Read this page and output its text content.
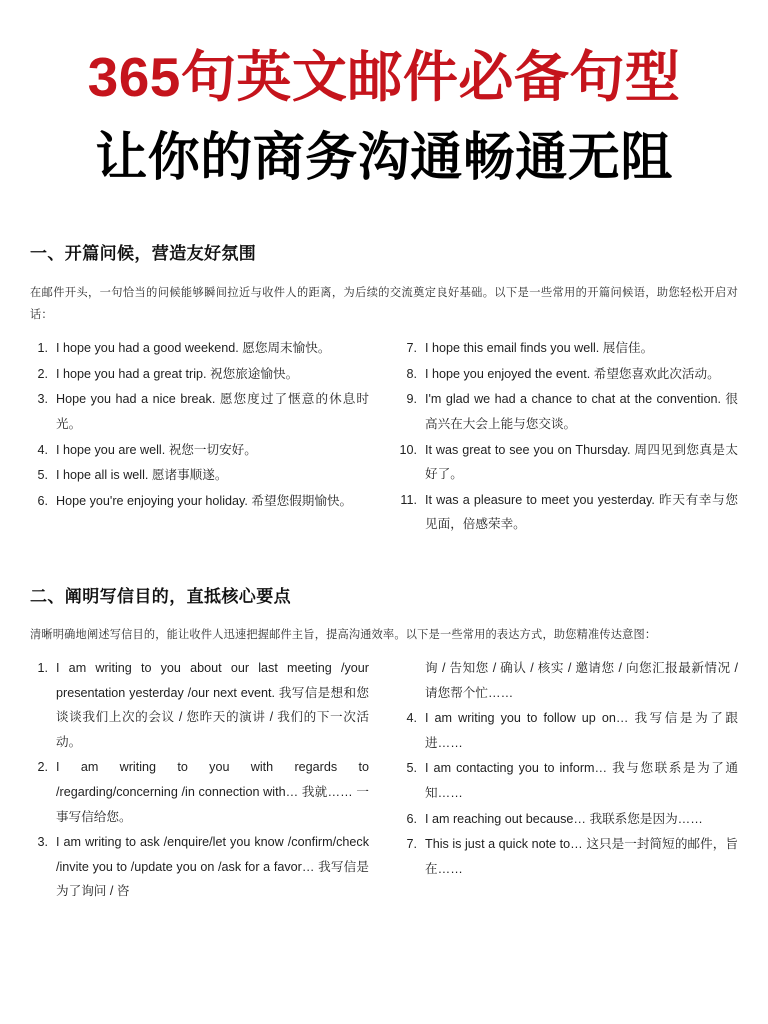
365句英文邮件必备句型
让你的商务沟通畅通无阻
一、开篇问候，营造友好氛围

在邮件开头，一句恰当的问候能够瞬间拉近与收件人的距离，为后续的交流奠定良好基础。以下是一些常用的开篇问候语，助您轻松开启对话：

1. I hope you had a good weekend. 愿您周末愉快。
2. I hope you had a great trip. 祝您旅途愉快。
3. Hope you had a nice break. 愿您度过了惬意的休息时光。
4. I hope you are well. 祝您一切安好。
5. I hope all is well. 愿诸事顺遂。
6. Hope you're enjoying your holiday. 希望您假期愉快。
7. I hope this email finds you well. 展信佳。
8. I hope you enjoyed the event. 希望您喜欢此次活动。
9. I'm glad we had a chance to chat at the convention. 很高兴在大会上能与您交谈。
10. It was great to see you on Thursday. 周四见到您真是太好了。
11. It was a pleasure to meet you yesterday. 昨天有幸与您见面，倍感荣幸。
二、阐明写信目的，直抵核心要点

清晰明确地阐述写信目的，能让收件人迅速把握邮件主旨，提高沟通效率。以下是一些常用的表达方式，助您精准传达意图：

1. I am writing to you about our last meeting /your presentation yesterday /our next event. 我写信是想和您谈谈我们上次的会议 / 您昨天的演讲 / 我们的下一次活动。
2. I am writing to you with regards to /regarding/concerning /in connection with… 我就…… 一事写信给您。
3. I am writing to ask /enquire/let you know /confirm/check /invite you to /update you on /ask for a favor… 我写信是为了询问 / 咨
询 / 告知您 / 确认 / 核实 / 邀请您 / 向您汇报最新情况 / 请您帮个忙……
4. I am writing you to follow up on… 我写信是为了跟进……
5. I am contacting you to inform… 我与您联系是为了通知……
6. I am reaching out because… 我联系您是因为……
7. This is just a quick note to… 这只是一封简短的邮件，旨在……
